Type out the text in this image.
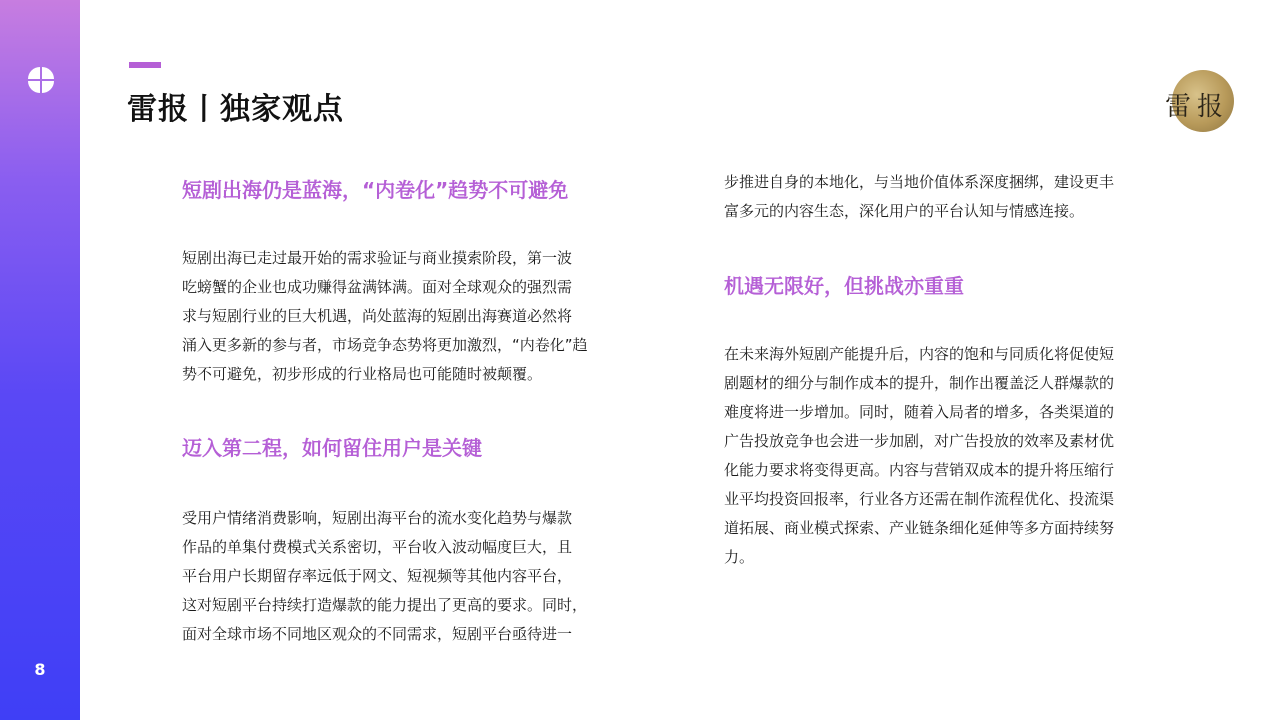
8
雷报丨独家观点	雷报
短剧出海仍是蓝海，“内卷化”趋势不可避免
短剧出海已走过最开始的需求验证与商业摸索阶段，第一波
吃螃蟹的企业也成功赚得盆满钵满。面对全球观众的强烈需
求与短剧行业的巨大机遇，尚处蓝海的短剧出海赛道必然将
涌入更多新的参与者，市场竞争态势将更加激烈，“内卷化”趋
势不可避免，初步形成的行业格局也可能随时被颠覆。
迈入第二程，如何留住用户是关键
受用户情绪消费影响，短剧出海平台的流水变化趋势与爆款
作品的单集付费模式关系密切，平台收入波动幅度巨大，且
平台用户长期留存率远低于网文、短视频等其他内容平台，
这对短剧平台持续打造爆款的能力提出了更高的要求。同时，
面对全球市场不同地区观众的不同需求，短剧平台亟待进一
步推进自身的本地化，与当地价值体系深度捆绑，建设更丰
富多元的内容生态，深化用户的平台认知与情感连接。
机遇无限好，但挑战亦重重
在未来海外短剧产能提升后，内容的饱和与同质化将促使短
剧题材的细分与制作成本的提升，制作出覆盖泛人群爆款的
难度将进一步增加。同时，随着入局者的增多，各类渠道的
广告投放竞争也会进一步加剧，对广告投放的效率及素材优
化能力要求将变得更高。内容与营销双成本的提升将压缩行
业平均投资回报率，行业各方还需在制作流程优化、投流渠
道拓展、商业模式探索、产业链条细化延伸等多方面持续努
力。
